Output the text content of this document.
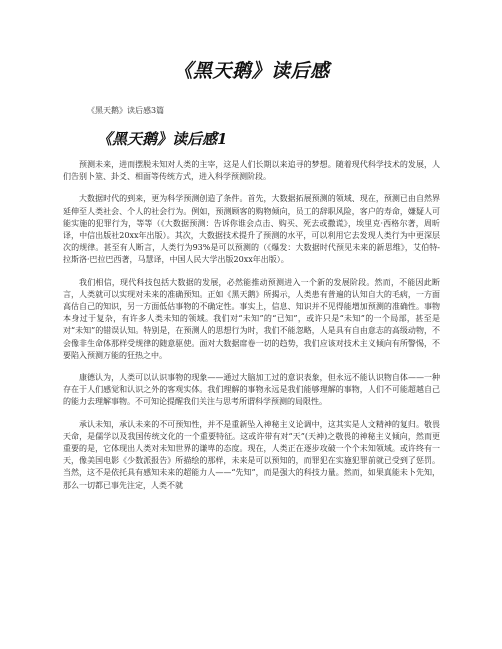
《黑天鹅》读后感
《黑天鹅》读后感3篇
《黑天鹅》读后感1

预测未来，进而摆脱未知对人类的主宰，这是人们长期以来追寻的梦想。随着现代科学技术的发展，人们告别卜筮、卦爻、相面等传统方式，进入科学预测阶段。

大数据时代的到来，更为科学预测创造了条件。首先，大数据拓展预测的领域、现在，预测已由自然界延伸至人类社会、个人的社会行为。例如，预测顾客的购物倾向，员工的辞职风险，客户的寿命，嫌疑人可能实施的犯罪行为，等等（《大数据预测：告诉你谁会点击、购买、死去或撒谎》，埃里克·西格尔著，周昕译，中信出版社20xx年出版）。其次，大数据技术提升了预测的水平，可以利用它去发现人类行为中更深层次的规律。甚至有人断言，人类行为93%是可以预测的（《爆发：大数据时代预见未来的新思维》，艾伯特-拉斯洛·巴拉巴西著，马慧译，中国人民大学出版20xx年出版）。

我们相信，现代科技包括大数据的发展，必然能推动预测进入一个新的发展阶段。然而，不能因此断言，人类就可以实现对未来的准确预知。正如《黑天鹅》所揭示，人类患有普遍的认知自大的毛病，一方面高估自己的知识，另一方面低估事物的不确定性。事实上，信息、知识并不见得能增加预测的准确性。事物本身过于复杂，有许多人类未知的领域。我们对“未知”的“已知”，或许只是“未知”的一个局部，甚至是对“未知”的错误认知。特别是，在预测人的思想行为时，我们不能忽略，人是具有自由意志的高级动物，不会像非生命体那样受规律的随意驱使。面对大数据席卷一切的趋势，我们应该对技术主义倾向有所警惕，不要陷入预测万能的狂热之中。

康德认为，人类可以认识事物的现象——通过大脑加工过的意识表象，但永远不能认识物自体——一种存在于人们感觉和认识之外的客观实体。我们理解的事物永远是我们能够理解的事物，人们不可能超越自己的能力去理解事物。不可知论提醒我们关注与思考所谓科学预测的局限性。

承认未知，承认未来的不可预知性，并不是重新坠入神秘主义论调中，这其实是人文精神的复归。敬畏天命，是儒学以及我国传统文化的一个重要特征。这或许带有对“天”(天神)之敬畏的神秘主义倾向，然而更重要的是，它体现出人类对未知世界的谦卑的态度。现在，人类正在逐步攻破一个个未知领域。或许终有一天，像美国电影《少数派报告》所描绘的那样，未来是可以预知的，而罪犯在实施犯罪前就已受到了惩罚。当然，这不是依托具有感知未来的超能力人——“先知”，而是强大的科技力量。然而，如果真能未卜先知，那么一切都已事先注定，人类不就
